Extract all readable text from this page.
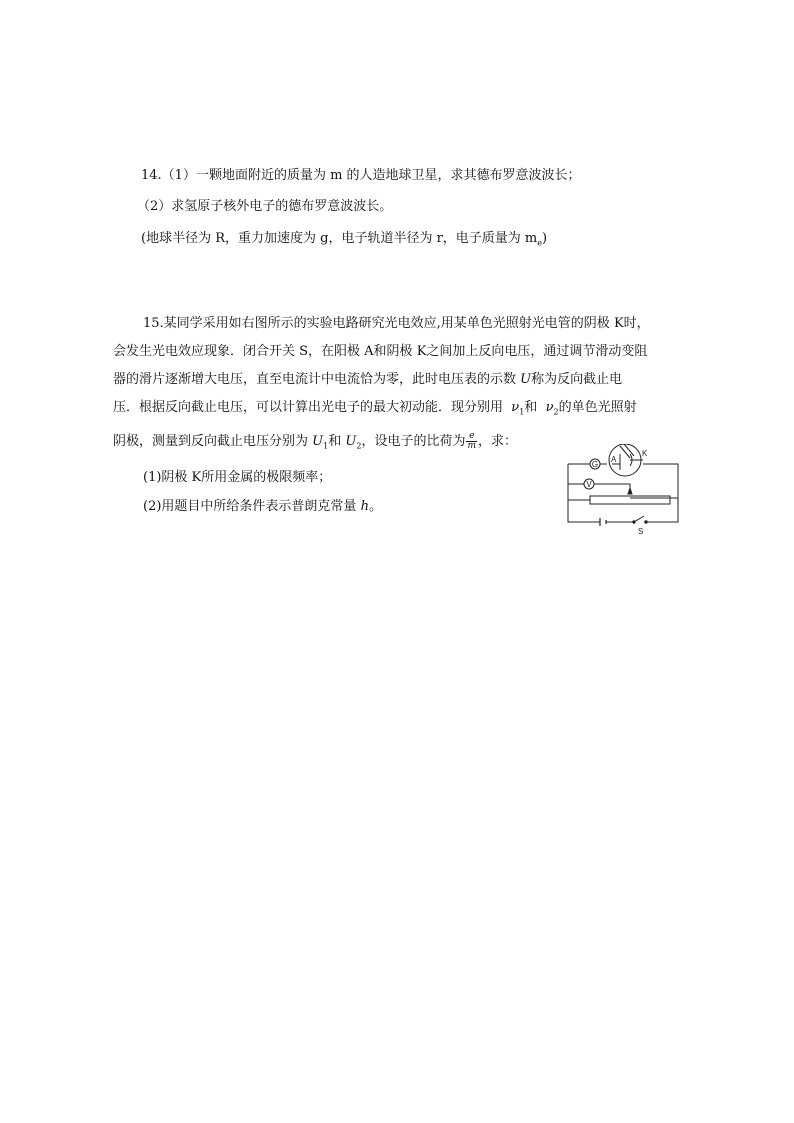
14.（1）一颗地面附近的质量为 m 的人造地球卫星，求其德布罗意波波长；
（2）求氢原子核外电子的德布罗意波波长。
(地球半径为 R，重力加速度为 g，电子轨道半径为 r，电子质量为 $m_e$)
15.某同学采用如右图所示的实验电路研究光电效应,用某单色光照射光电管的阴极 K时，
会发生光电效应现象．闭合开关 S，在阳极 A和阴极 K之间加上反向电压，通过调节滑动变阻
器的滑片逐渐增大电压，直至电流计中电流恰为零，此时电压表的示数 U称为反向截止电
压．根据反向截止电压，可以计算出光电子的最大初动能．现分别用 $\nu_1$和 $\nu_2$的单色光照射
阴极，测量到反向截止电压分别为 $U_1$和 $U_2$，设电子的比荷为 $\frac{e}{m}$ ，求：
(1)阴极 K所用金属的极限频率；
(2)用题目中所给条件表示普朗克常量 h。
G
V
A
K
S
